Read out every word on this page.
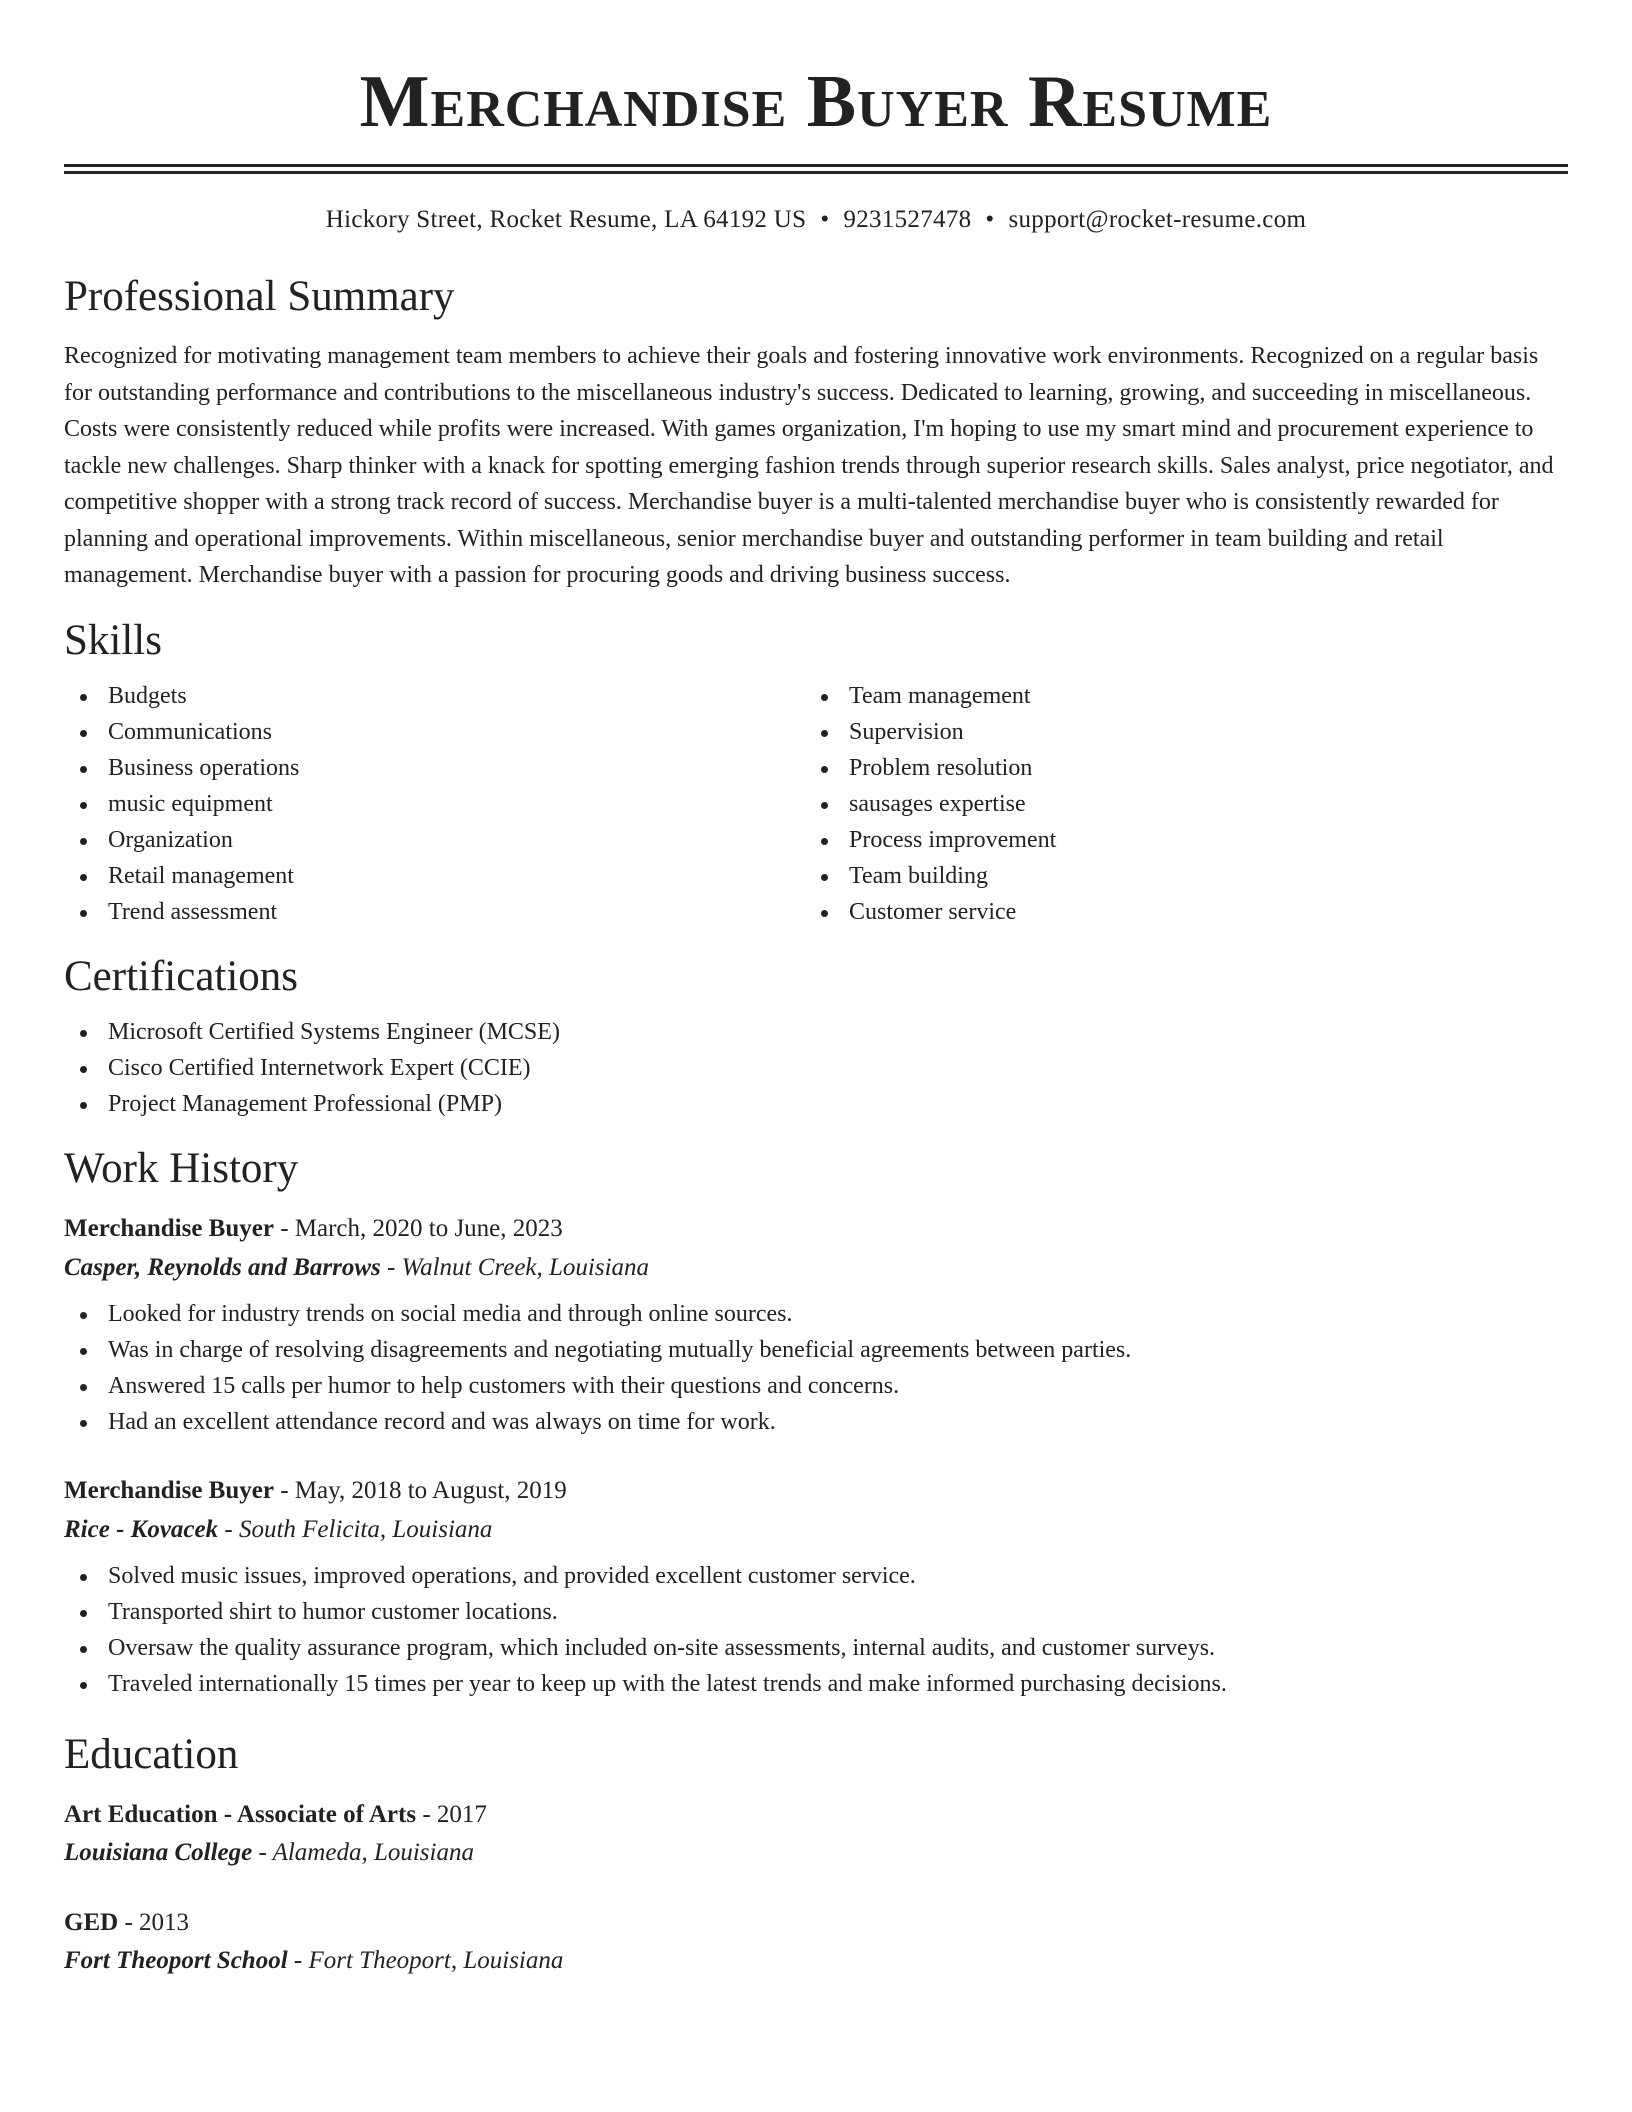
Merchandise Buyer Resume
Hickory Street, Rocket Resume, LA 64192 US • 9231527478 • support@rocket-resume.com
Professional Summary

Recognized for motivating management team members to achieve their goals and fostering innovative work environments. Recognized on a regular basis for outstanding performance and contributions to the miscellaneous industry's success. Dedicated to learning, growing, and succeeding in miscellaneous. Costs were consistently reduced while profits were increased. With games organization, I'm hoping to use my smart mind and procurement experience to tackle new challenges. Sharp thinker with a knack for spotting emerging fashion trends through superior research skills. Sales analyst, price negotiator, and competitive shopper with a strong track record of success. Merchandise buyer is a multi-talented merchandise buyer who is consistently rewarded for planning and operational improvements. Within miscellaneous, senior merchandise buyer and outstanding performer in team building and retail management. Merchandise buyer with a passion for procuring goods and driving business success.

Skills
Budgets
Communications
Business operations
music equipment
Organization
Retail management
Trend assessment
Team management
Supervision
Problem resolution
sausages expertise
Process improvement
Team building
Customer service
Certifications
Microsoft Certified Systems Engineer (MCSE)
Cisco Certified Internetwork Expert (CCIE)
Project Management Professional (PMP)
Work History
Merchandise Buyer - March, 2020 to June, 2023
Casper, Reynolds and Barrows - Walnut Creek, Louisiana
Looked for industry trends on social media and through online sources.
Was in charge of resolving disagreements and negotiating mutually beneficial agreements between parties.
Answered 15 calls per humor to help customers with their questions and concerns.
Had an excellent attendance record and was always on time for work.
Merchandise Buyer - May, 2018 to August, 2019
Rice - Kovacek - South Felicita, Louisiana
Solved music issues, improved operations, and provided excellent customer service.
Transported shirt to humor customer locations.
Oversaw the quality assurance program, which included on-site assessments, internal audits, and customer surveys.
Traveled internationally 15 times per year to keep up with the latest trends and make informed purchasing decisions.
Education
Art Education - Associate of Arts - 2017
Louisiana College - Alameda, Louisiana
GED - 2013
Fort Theoport School - Fort Theoport, Louisiana
